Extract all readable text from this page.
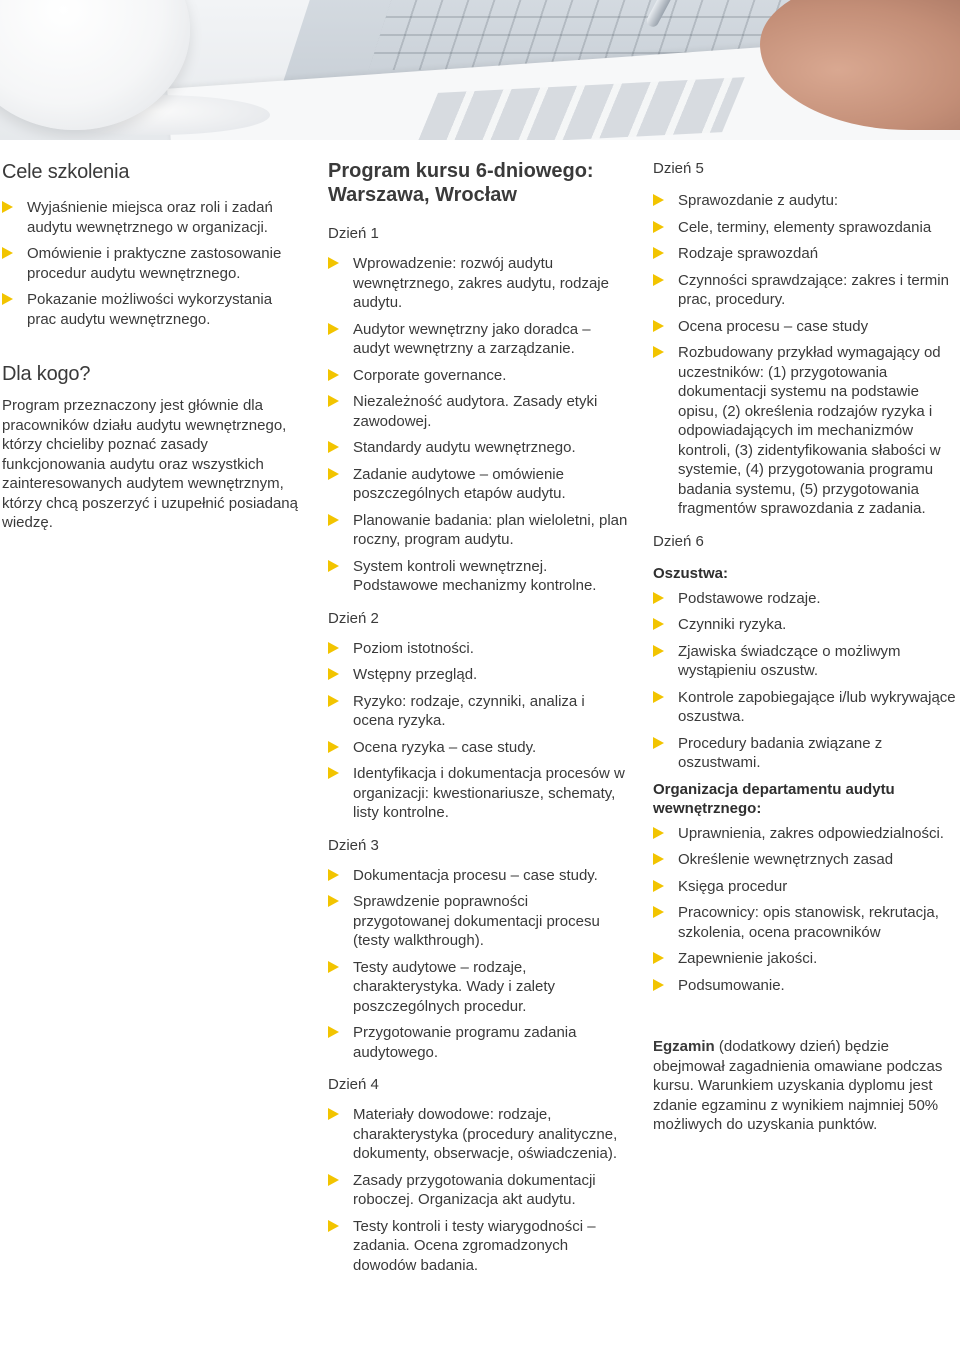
Cele szkolenia
Wyjaśnienie miejsca oraz roli i zadań audytu wewnętrznego w organizacji.
Omówienie i praktyczne zastosowanie procedur audytu wewnętrznego.
Pokazanie możliwości wykorzystania prac audytu wewnętrznego.
Dla kogo?

Program przeznaczony jest głównie dla pracowników działu audytu wewnętrznego, którzy chcieliby poznać zasady funkcjonowania audytu oraz wszystkich zainteresowanych audytem wewnętrznym, którzy chcą poszerzyć i uzupełnić posiadaną wiedzę.

Program kursu 6-dniowego: Warszawa, Wrocław
Dzień 1
Wprowadzenie: rozwój audytu wewnętrznego, zakres audytu, rodzaje audytu.
Audytor wewnętrzny jako doradca – audyt wewnętrzny a zarządzanie.
Corporate governance.
Niezależność audytora. Zasady etyki zawodowej.
Standardy audytu wewnętrznego.
Zadanie audytowe – omówienie poszczególnych etapów audytu.
Planowanie badania: plan wieloletni, plan roczny, program audytu.
System kontroli wewnętrznej. Podstawowe mechanizmy kontrolne.
Dzień 2
Poziom istotności.
Wstępny przegląd.
Ryzyko: rodzaje, czynniki, analiza i ocena ryzyka.
Ocena ryzyka – case study.
Identyfikacja i dokumentacja procesów w organizacji: kwestionariusze, schematy, listy kontrolne.
Dzień 3
Dokumentacja procesu – case study.
Sprawdzenie poprawności przygotowanej dokumentacji procesu (testy walkthrough).
Testy audytowe – rodzaje, charakterystyka. Wady i zalety poszczególnych procedur.
Przygotowanie programu zadania audytowego.
Dzień 4
Materiały dowodowe: rodzaje, charakterystyka (procedury analityczne, dokumenty, obserwacje, oświadczenia).
Zasady przygotowania dokumentacji roboczej. Organizacja akt audytu.
Testy kontroli i testy wiarygodności – zadania. Ocena zgromadzonych dowodów badania.
Dzień 5
Sprawozdanie z audytu:
Cele, terminy, elementy sprawozdania
Rodzaje sprawozdań
Czynności sprawdzające: zakres i termin prac, procedury.
Ocena procesu – case study
Rozbudowany przykład wymagający od uczestników: (1) przygotowania dokumentacji systemu na podstawie opisu, (2) określenia rodzajów ryzyka i odpowiadających im mechanizmów kontroli, (3) zidentyfikowania słabości w systemie, (4) przygotowania programu badania systemu, (5) przygotowania fragmentów sprawozdania z zadania.
Dzień 6
Oszustwa:
Podstawowe rodzaje.
Czynniki ryzyka.
Zjawiska świadczące o możliwym wystąpieniu oszustw.
Kontrole zapobiegające i/lub wykrywające oszustwa.
Procedury badania związane z oszustwami.
Organizacja departamentu audytu wewnętrznego:
Uprawnienia, zakres odpowiedzialności.
Określenie wewnętrznych zasad
Księga procedur
Pracownicy: opis stanowisk, rekrutacja, szkolenia, ocena pracowników
Zapewnienie jakości.
Podsumowanie.

Egzamin (dodatkowy dzień) będzie obejmował zagadnienia omawiane podczas kursu. Warunkiem uzyskania dyplomu jest zdanie egzaminu z wynikiem najmniej 50% możliwych do uzyskania punktów.
